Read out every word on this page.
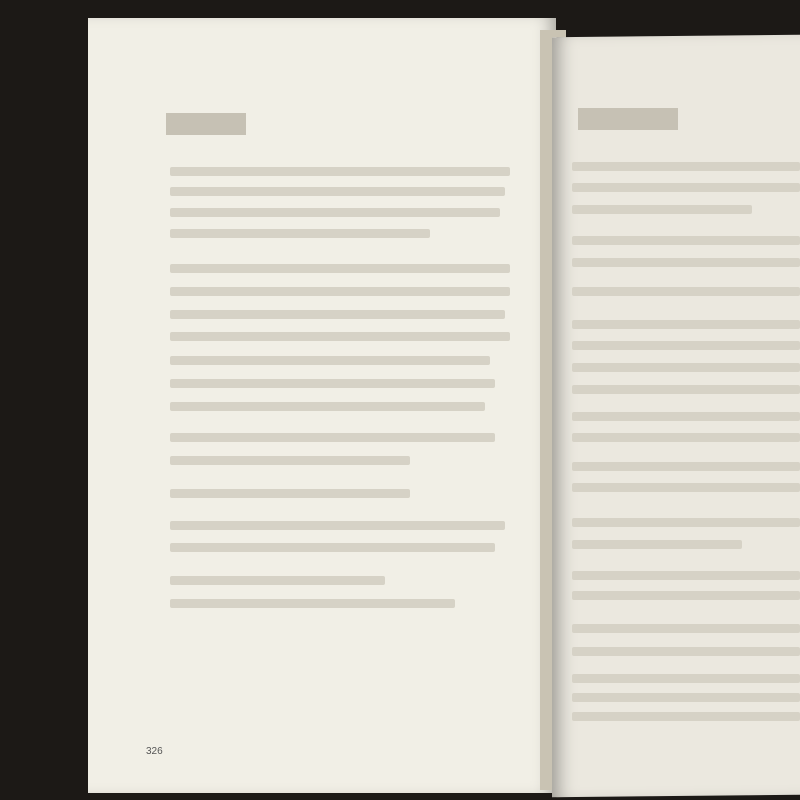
326
